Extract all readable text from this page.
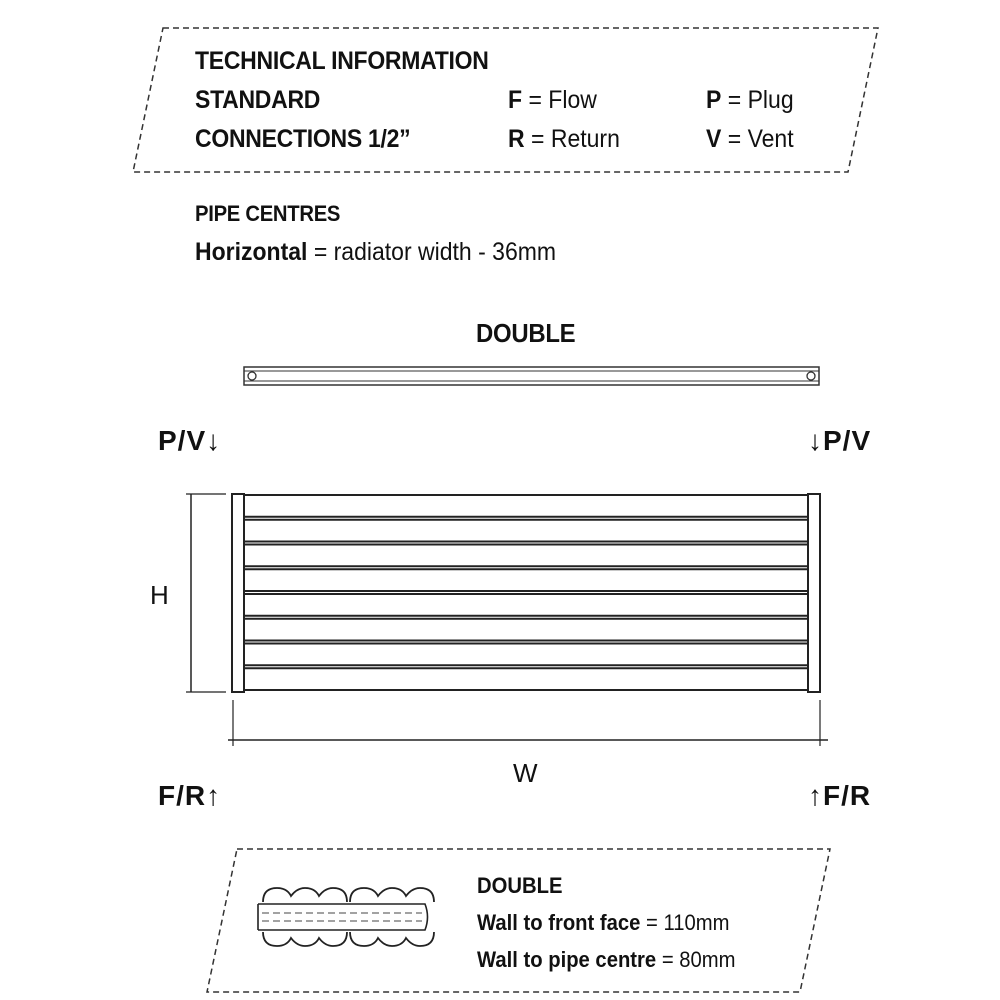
TECHNICAL INFORMATION
STANDARD
CONNECTIONS 1/2”
F = Flow
R = Return
P = Plug
V = Vent
PIPE CENTRES
Horizontal = radiator width - 36mm
DOUBLE
P/V↓	↓P/V
F/R↑	↑F/R
H
W
DOUBLE
Wall to front face = 110mm
Wall to pipe centre = 80mm
